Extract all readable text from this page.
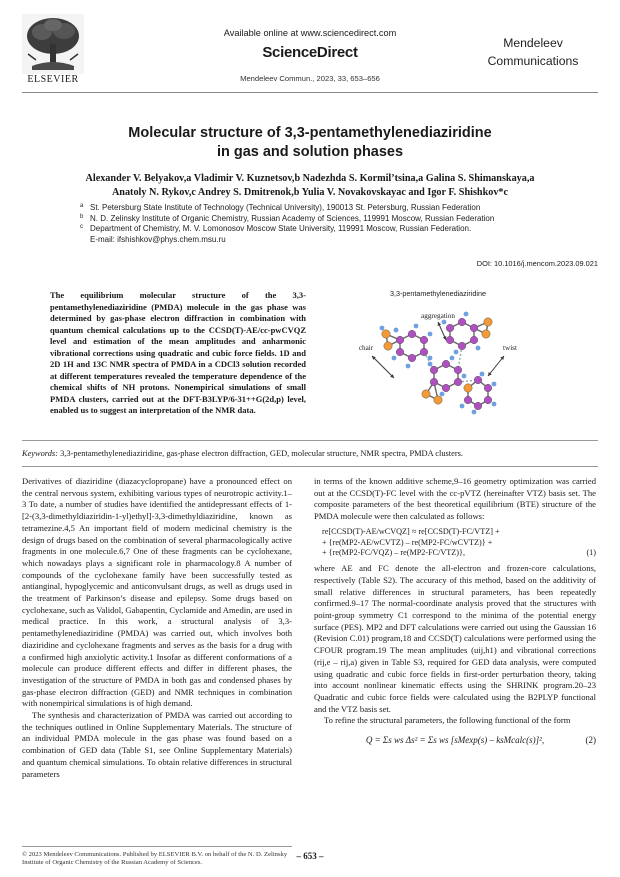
ELSEVIER
Available online at www.sciencedirect.com
ScienceDirect
Mendeleev Commun., 2023, 33, 653–656
Mendeleev
Communications
Molecular structure of 3,3-pentamethylenediaziridine
in gas and solution phases
Alexander V. Belyakov,a Vladimir V. Kuznetsov,b Nadezhda S. Kormil’tsina,a Galina S. Shimanskaya,a
Anatoly N. Rykov,c Andrey S. Dmitrenok,b Yulia V. Novakovskayac and Igor F. Shishkov*c
a St. Petersburg State Institute of Technology (Technical University), 190013 St. Petersburg, Russian Federation
b N. D. Zelinsky Institute of Organic Chemistry, Russian Academy of Sciences, 119991 Moscow, Russian Federation
c Department of Chemistry, M. V. Lomonosov Moscow State University, 119991 Moscow, Russian Federation.
E-mail: ifshishkov@phys.chem.msu.ru
DOI: 10.1016/j.mencom.2023.09.021
The equilibrium molecular structure of the 3,3-pentamethylenediaziridine (PMDA) molecule in the gas phase was determined by gas-phase electron diffraction in combination with quantum chemical calculations up to the CCSD(T)-AE/cc-pwCVQZ level and estimation of the mean amplitudes and anharmonic vibrational corrections using quadratic and cubic force fields. 1D and 2D 1H and 13C NMR spectra of PMDA in a CDCl3 solution recorded at different temperatures revealed the temperature dependence of the chemical shifts of NH protons. Nonempirical simulations of small PMDA clusters, carried out at the DFT-B3LYP/6-31++G(2d,p) level, enabled us to suggest an interpretation of the NMR data.
3,3-pentamethylenediaziridine
aggregation
chair	twist
Keywords: 3,3-pentamethylenediaziridine, gas-phase electron diffraction, GED, molecular structure, NMR spectra, PMDA clusters.

Derivatives of diaziridine (diazacyclopropane) have a pronounced effect on the central nervous system, exhibiting various types of neurotropic activity.1–3 To date, a number of studies have identified the antidepressant effects of 1-[2-(3,3-dimethyldiaziridin-1-yl)ethyl]-3,3-dimethyldiaziridine, known as tetramezine.4,5 An important field of modern medicinal chemistry is the design of drugs based on the combination of several pharmacologically active fragments in one molecule.6,7 One of these fragments can be cyclohexane, which nowadays plays a significant role in pharmacology.8 A number of compounds of the cyclohexane family have been successfully tested as antianginal, hypoglycemic and anticonvulsant drugs, as well as drugs used in the treatment of Parkinson’s disease and epilepsy. Some drugs based on cyclohexane, such as Validol, Gabapentin, Cyclamide and Amedin, are used in medical practice. In this work, a structural analysis of 3,3-pentamethylenediaziridine (PMDA) was carried out, which involves both diaziridine and cyclohexane fragments and serves as the basis for a drug with a confirmed high anxiolytic activity.1 Insofar as different conformations of a molecule can produce different effects and differ in different phases, the investigation of the structure of PMDA in both gas and condensed phases by gas-phase electron diffraction (GED) and NMR techniques in combination with nonempirical simulations is of high demand.

The synthesis and characterization of PMDA was carried out according to the techniques outlined in Online Supplementary Materials. The structure of an individual PMDA molecule in the gas phase was found based on a combination of GED data (Table S1, see Online Supplementary Materials) and quantum chemical simulations. To obtain relative differences in structural parameters

in terms of the known additive scheme,9–16 geometry optimization was carried out at the CCSD(T)-FC level with the cc-pVTZ (hereinafter VTZ) basis set. The composite parameters of the best theoretical equilibrium (BTE) structure of the PMDA molecule were then calculated as follows:

re[CCSD(T)-AE/wCVQZ] ≈ re[CCSD(T)-FC/VTZ] +
+ {re(MP2-AE/wCVTZ) – re(MP2-FC/wCVTZ)} +
+ {re(MP2-FC/VQZ) – re(MP2-FC/VTZ)},	(1)

where AE and FC denote the all-electron and frozen-core calculations, respectively (Table S2). The accuracy of this method, based on the additivity of small relative differences in structural parameters, has been repeatedly confirmed.9–17 The normal-coordinate analysis proved that the structures with point-group symmetry C1 correspond to the minima of the potential energy surface (PES). MP2 and DFT calculations were carried out using the Gaussian 16 (Revision C.01) program,18 and CCSD(T) calculations were performed using the CFOUR program.19 The mean amplitudes (uij,h1) and vibrational corrections (rij,e – rij,a) given in Table S3, required for GED data analysis, were computed using quadratic and cubic force fields in first-order perturbation theory, taking into account nonlinear kinematic effects using the SHRINK program.20–23 Quadratic and cubic force fields were calculated using the B2PLYP functional and the VTZ basis set.

To refine the structural parameters, the following functional of the form

Q = Σs ws Δs² = Σs ws [sMexp(s) – ksMcalc(s)]²,	(2)
© 2023 Mendeleev Communications. Published by ELSEVIER B.V. on behalf of the N. D. Zelinsky Institute of Organic Chemistry of the Russian Academy of Sciences.
– 653 –
